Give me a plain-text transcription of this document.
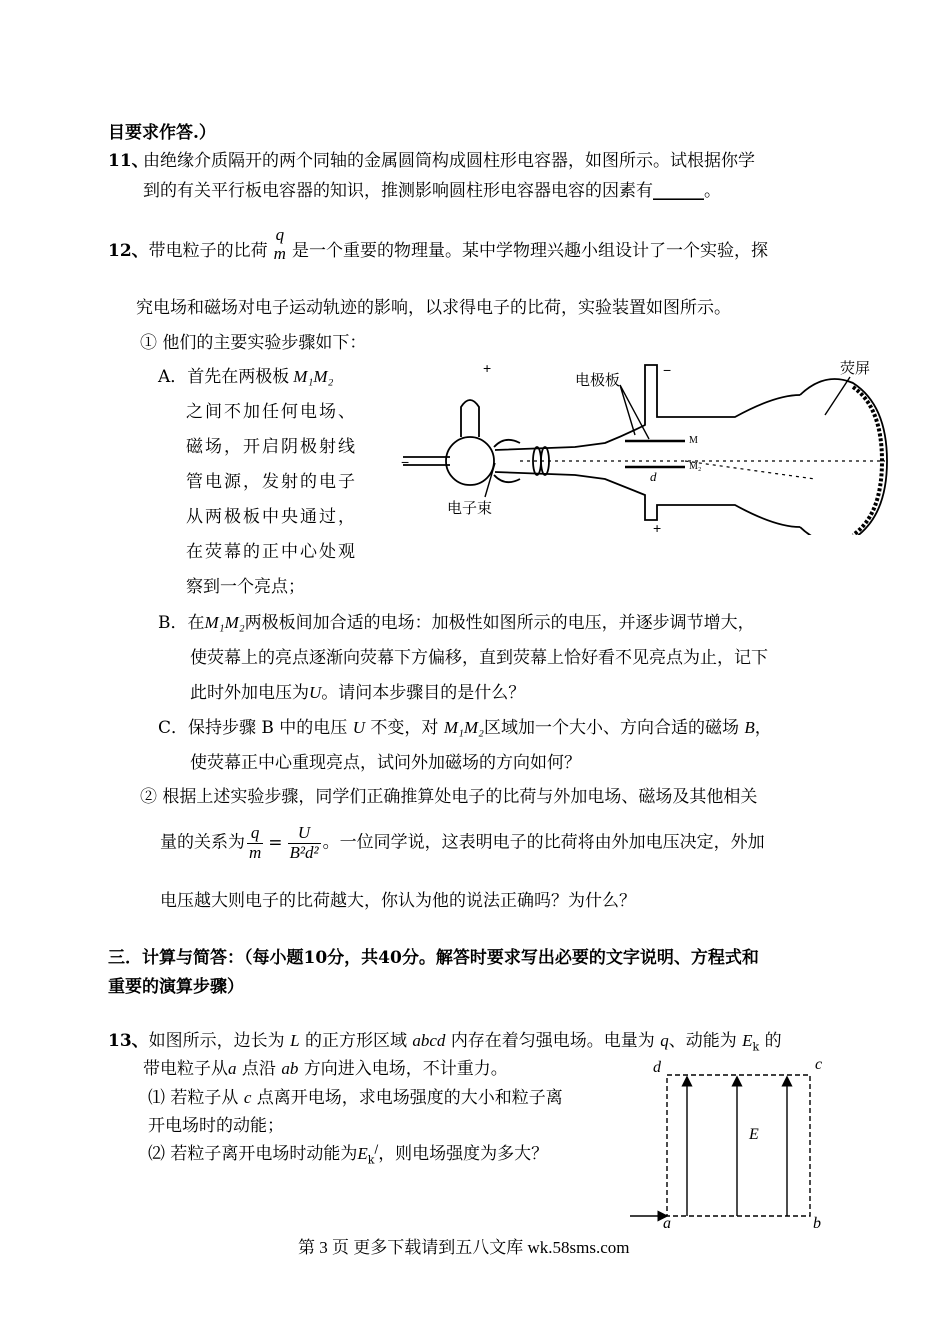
目要求作答.）
11、
由绝缘介质隔开的两个同轴的金属圆筒构成圆柱形电容器，如图所示。试根据你学
到的有关平行板电容器的知识，推测影响圆柱形电容器电容的因素有______。
12、带电粒子的比荷
q
m 是一个重要的物理量。某中学物理兴趣小组设计了一个实验，探
究电场和磁场对电子运动轨迹的影响，以求得电子的比荷，实验装置如图所示。
① 他们的主要实验步骤如下：
A．首先在两极板 M₁M₂
之间不加任何电场、
磁场，开启阴极射线
管电源，发射的电子
从两极板中央通过，
在荧幕的正中心处观
察到一个亮点；
+	−
−
+
电极板
荧屏
电子束
M
M₂
d
B．在M₁M₂两极板间加合适的电场：加极性如图所示的电压，并逐步调节增大，
使荧幕上的亮点逐渐向荧幕下方偏移，直到荧幕上恰好看不见亮点为止，记下
此时外加电压为U。请问本步骤目的是什么？
C．保持步骤 B 中的电压 U 不变，对 M₁M₂区域加一个大小、方向合适的磁场 B，
使荧幕正中心重现亮点，试问外加磁场的方向如何？
② 根据上述实验步骤，同学们正确推算处电子的比荷与外加电场、磁场及其他相关
量的关系为 $\frac{q}{m} = \frac{U}{\text{B²d²}}$ 。一位同学说，这表明电子的比荷将由外加电压决定，外加
电压越大则电子的比荷越大，你认为他的说法正确吗？为什么？
三．计算与简答：（每小题10分，共40分。解答时要求写出必要的文字说明、方程式和
重要的演算步骤）
13、如图所示，边长为 L 的正方形区域 abcd 内存在着匀强电场。电量为 q、动能为 $E_k$ 的
带电粒子从a 点沿 ab 方向进入电场，不计重力。
⑴ 若粒子从 c 点离开电场，求电场强度的大小和粒子离
开电场时的动能；
⑵ 若粒子离开电场时动能为$E_k^/$，则电场强度为多大？
d	c
a	b
E
第 3 页 更多下载请到五八文库 wk.58sms.com
